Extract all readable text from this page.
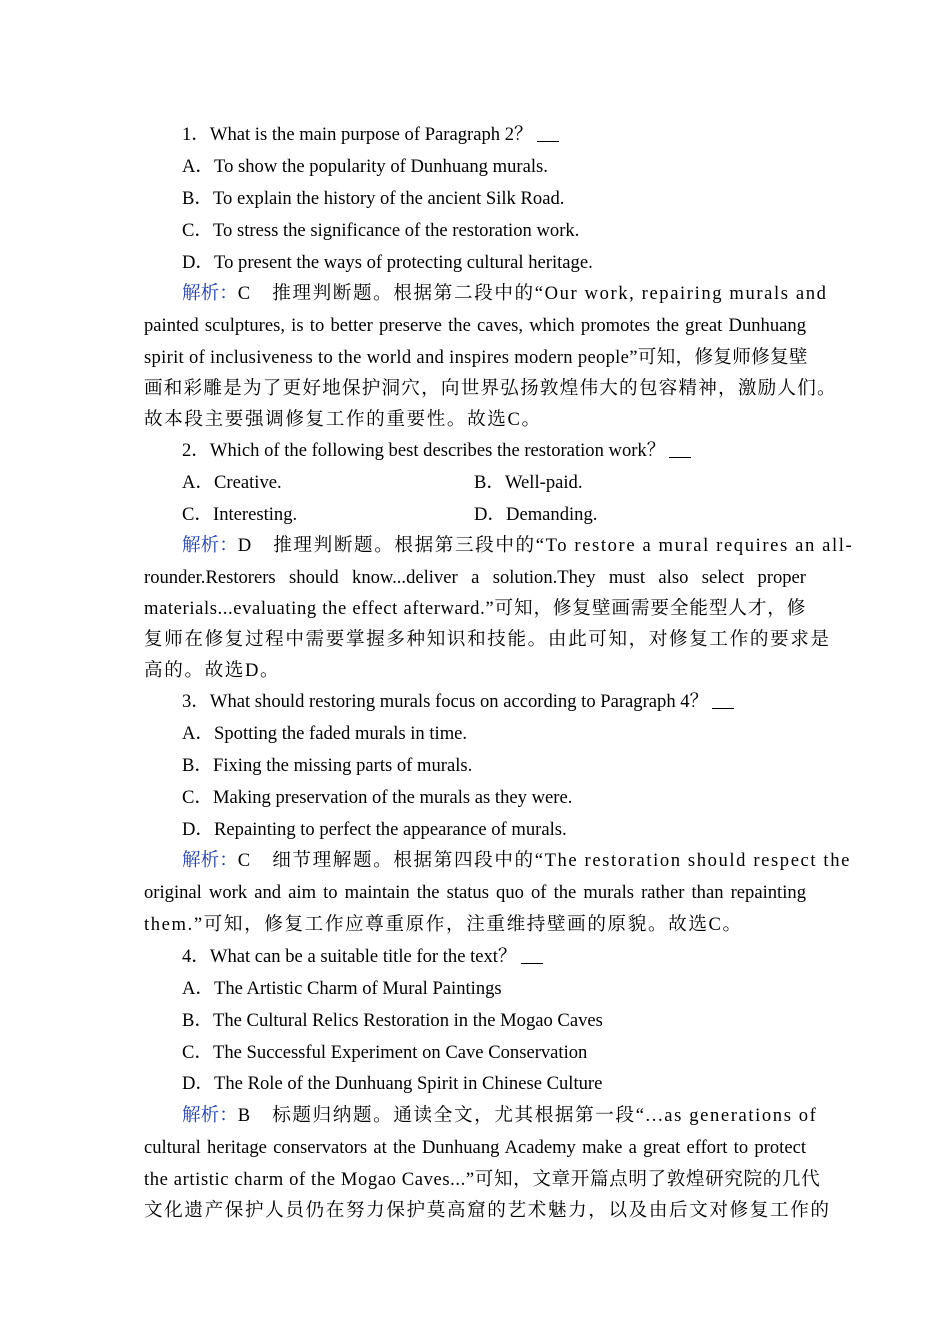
1．What is the main purpose of Paragraph 2？
A．To show the popularity of Dunhuang murals.
B．To explain the history of the ancient Silk Road.
C．To stress the significance of the restoration work.
D．To present the ways of protecting cultural heritage.
解析：C 推理判断题。根据第二段中的“Our work, repairing murals and
painted sculptures, is to better preserve the caves, which promotes the great Dunhuang
spirit of inclusiveness to the world and inspires modern people”可知，修复师修复壁
画和彩雕是为了更好地保护洞穴，向世界弘扬敦煌伟大的包容精神，激励人们。
故本段主要强调修复工作的重要性。故选C。
2．Which of the following best describes the restoration work？
A．Creative.	B．Well-paid.
C．Interesting.	D．Demanding.
解析：D 推理判断题。根据第三段中的“To restore a mural requires an all-
rounder.Restorers should know...deliver a solution.They must also select proper
materials...evaluating the effect afterward.”可知，修复壁画需要全能型人才，修
复师在修复过程中需要掌握多种知识和技能。由此可知，对修复工作的要求是
高的。故选D。
3．What should restoring murals focus on according to Paragraph 4？
A．Spotting the faded murals in time.
B．Fixing the missing parts of murals.
C．Making preservation of the murals as they were.
D．Repainting to perfect the appearance of murals.
解析：C 细节理解题。根据第四段中的“The restoration should respect the
original work and aim to maintain the status quo of the murals rather than repainting
them.”可知，修复工作应尊重原作，注重维持壁画的原貌。故选C。
4．What can be a suitable title for the text？
A．The Artistic Charm of Mural Paintings
B．The Cultural Relics Restoration in the Mogao Caves
C．The Successful Experiment on Cave Conservation
D．The Role of the Dunhuang Spirit in Chinese Culture
解析：B 标题归纳题。通读全文，尤其根据第一段“...as generations of
cultural heritage conservators at the Dunhuang Academy make a great effort to protect
the artistic charm of the Mogao Caves...”可知，文章开篇点明了敦煌研究院的几代
文化遗产保护人员仍在努力保护莫高窟的艺术魅力，以及由后文对修复工作的
